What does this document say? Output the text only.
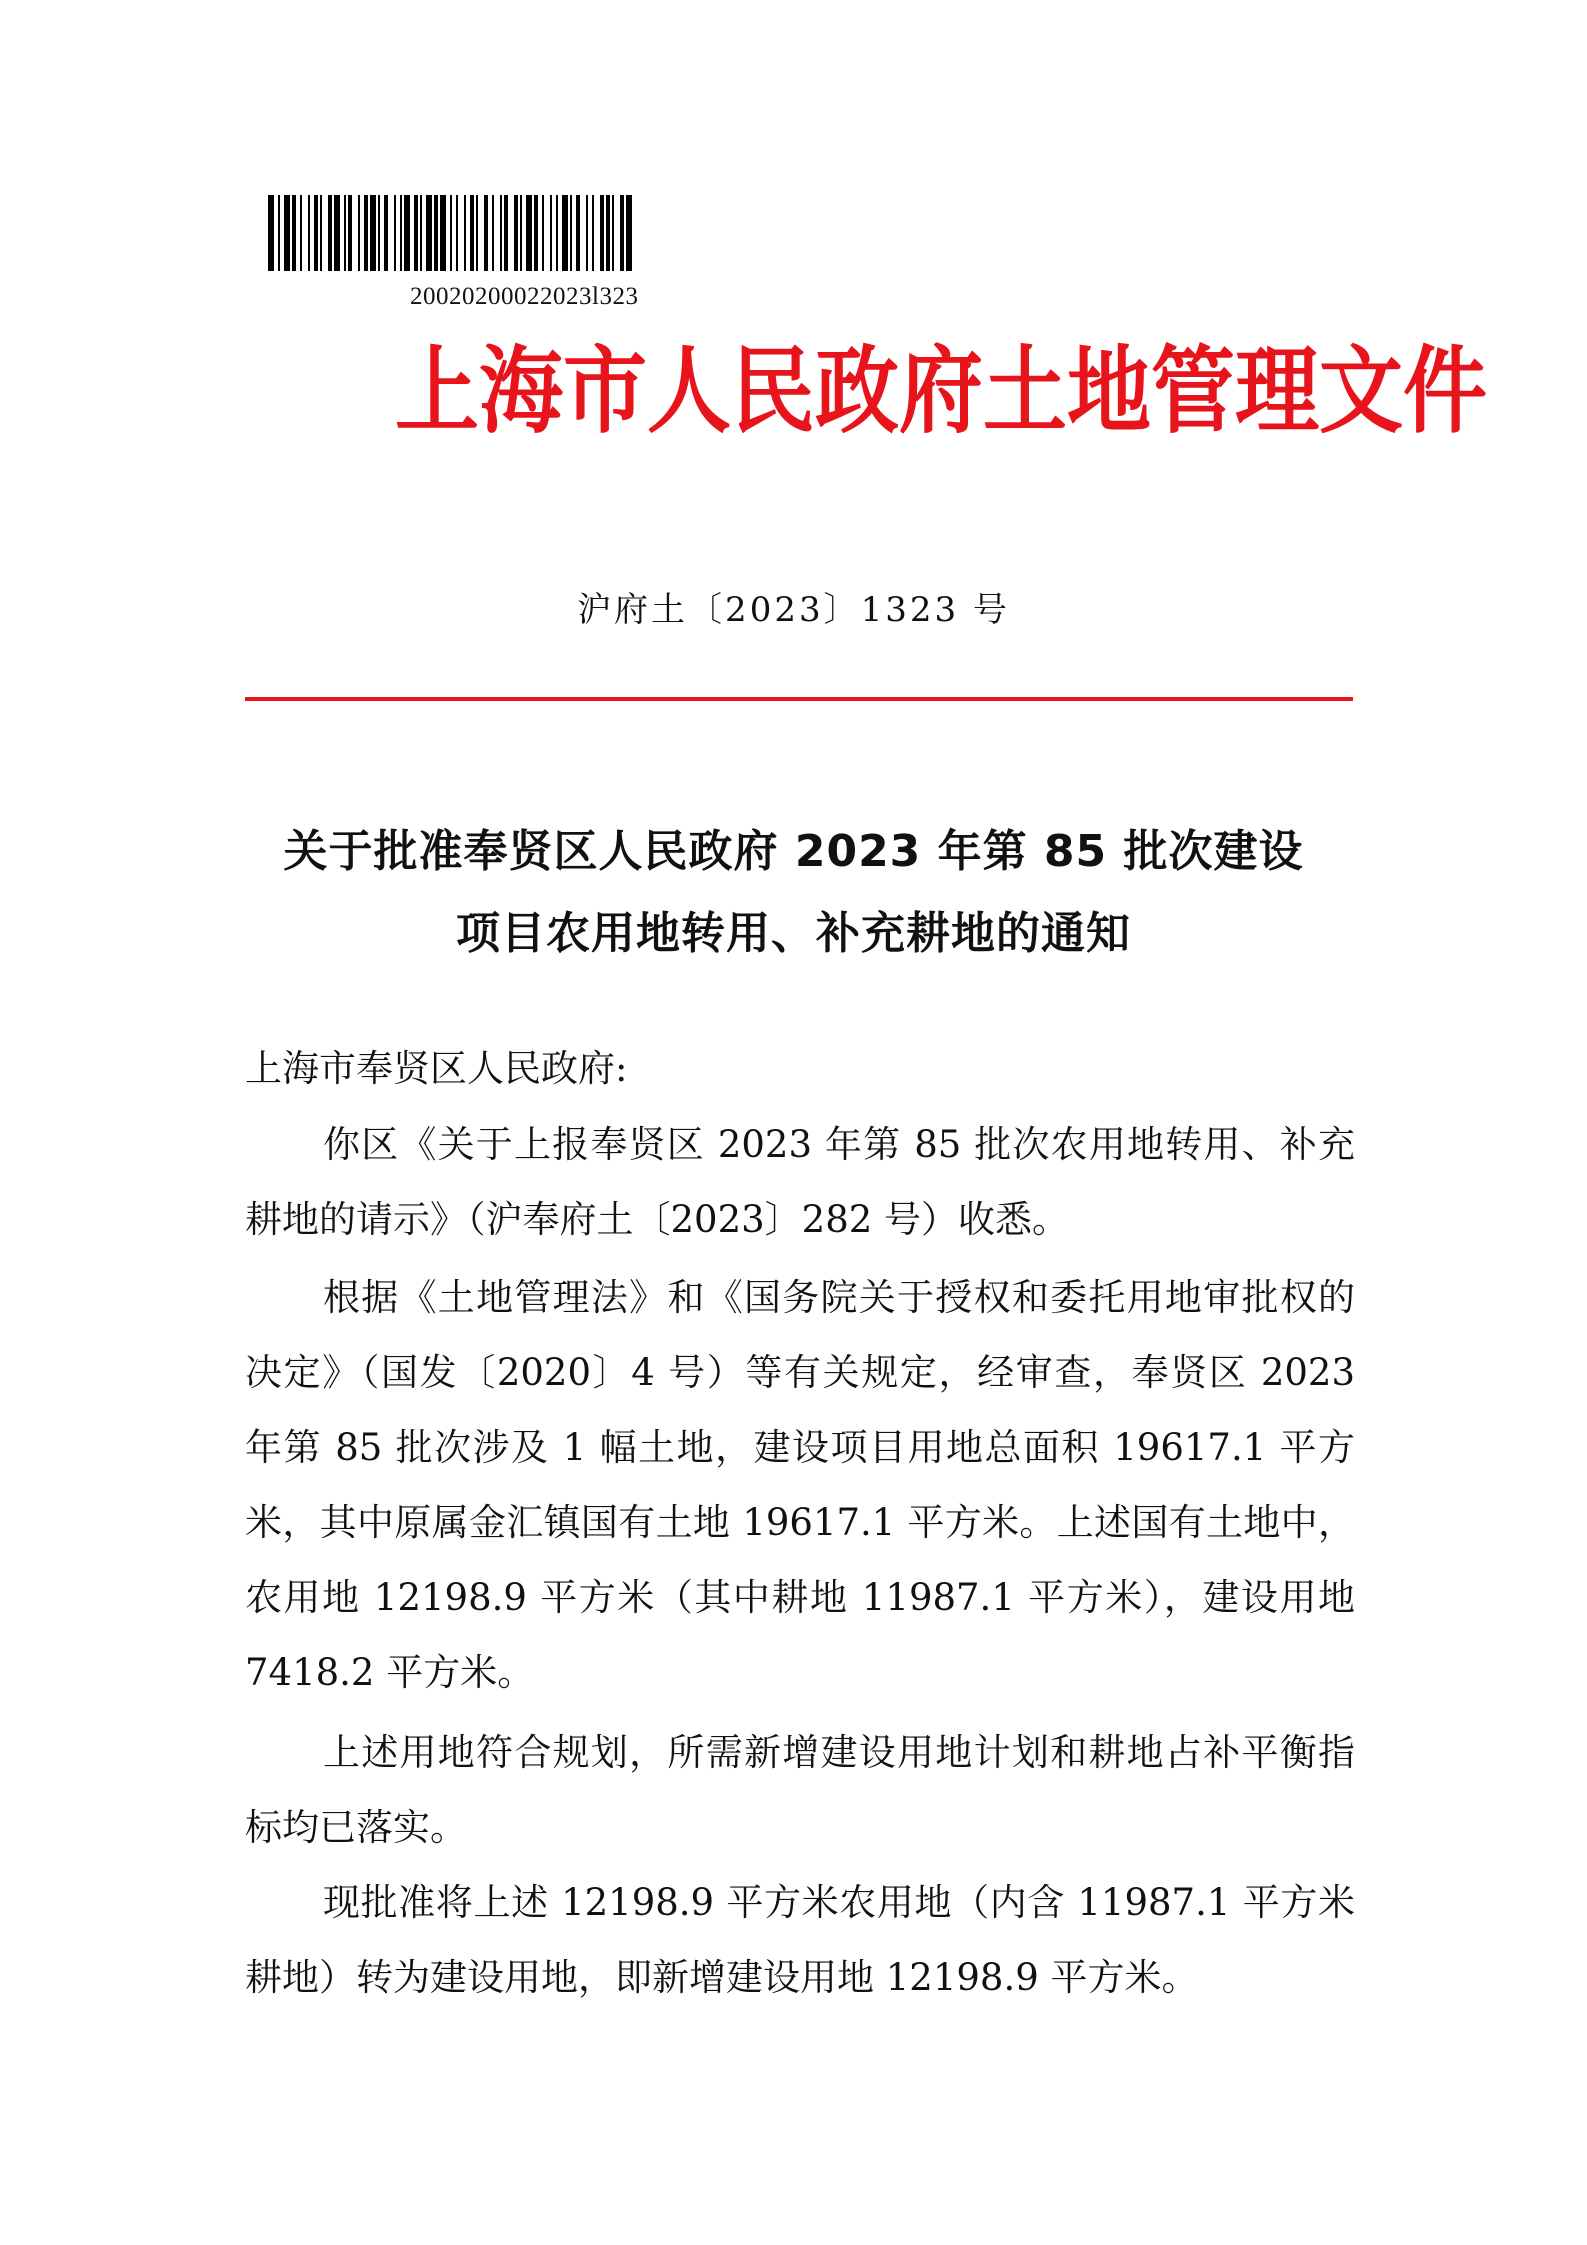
20020200022023l323
上海市人民政府土地管理文件
沪府土〔2023〕1323 号
关于批准奉贤区人民政府 2023 年第 85 批次建设
项目农用地转用、补充耕地的通知
上海市奉贤区人民政府:
你区《关于上报奉贤区 2023 年第 85 批次农用地转用、补充耕地的请示》（沪奉府土〔2023〕282 号）收悉。
根据《土地管理法》和《国务院关于授权和委托用地审批权的决定》（国发〔2020〕4 号）等有关规定，经审查，奉贤区 2023 年第 85 批次涉及 1 幅土地，建设项目用地总面积 19617.1 平方米，其中原属金汇镇国有土地 19617.1 平方米。上述国有土地中，农用地 12198.9 平方米（其中耕地 11987.1 平方米），建设用地 7418.2 平方米。
上述用地符合规划，所需新增建设用地计划和耕地占补平衡指标均已落实。
现批准将上述 12198.9 平方米农用地（内含 11987.1 平方米耕地）转为建设用地，即新增建设用地 12198.9 平方米。
